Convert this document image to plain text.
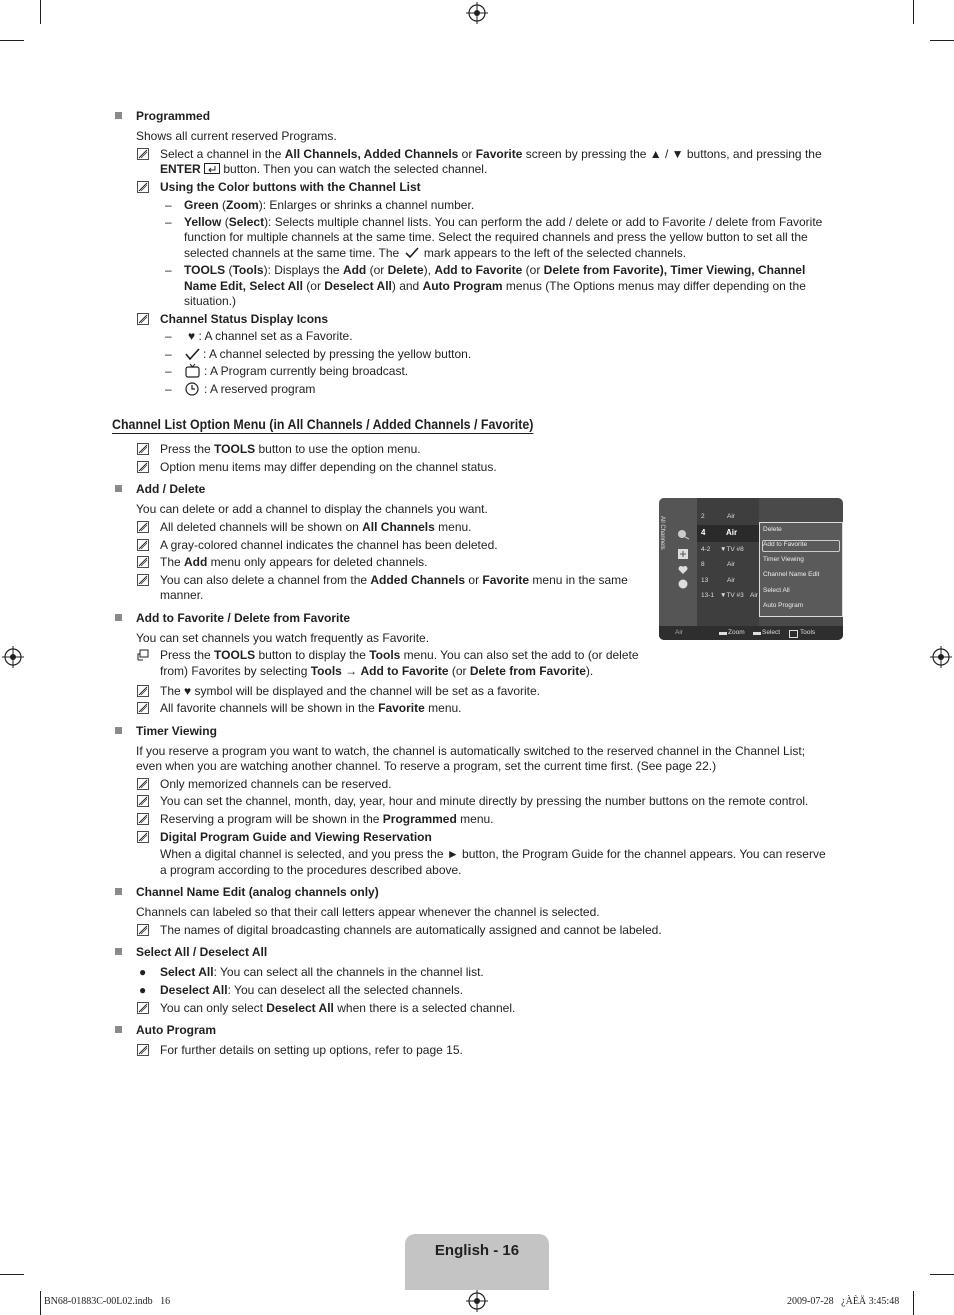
Programmed
Shows all current reserved Programs.
Select a channel in the All Channels, Added Channels or Favorite screen by pressing the ▲ / ▼ buttons, and pressing the
ENTER  button. Then you can watch the selected channel.
Using the Color buttons with the Channel List
– Green (Zoom): Enlarges or shrinks a channel number.
– Yellow (Select): Selects multiple channel lists. You can perform the add / delete or add to Favorite / delete from Favorite
function for multiple channels at the same time. Select the required channels and press the yellow button to set all the
selected channels at the same time. The  mark appears to the left of the selected channels.
– TOOLS (Tools): Displays the Add (or Delete), Add to Favorite (or Delete from Favorite), Timer Viewing, Channel
Name Edit, Select All (or Deselect All) and Auto Program menus (The Options menus may differ depending on the
situation.)
Channel Status Display Icons
– ♥ : A channel set as a Favorite.
–	: A channel selected by pressing the yellow button.
–	: A Program currently being broadcast.
–	: A reserved program
Channel List Option Menu (in All Channels / Added Channels / Favorite)
Press the TOOLS button to use the option menu.
Option menu items may differ depending on the channel status.
Add / Delete
You can delete or add a channel to display the channels you want.
All deleted channels will be shown on All Channels menu.
A gray-colored channel indicates the channel has been deleted.
The Add menu only appears for deleted channels.
You can also delete a channel from the Added Channels or Favorite menu in the same
manner.
All Channels	2	Air
4	Air
4-2 ▼TV #8
8	Air
13	Air
13-1 ▼TV #3 Air
Delete
Add to Favorite
Timer Viewing
Channel Name Edit
Select All
Auto Program
Air	Zoom	Select	Tools
Add to Favorite / Delete from Favorite
You can set channels you watch frequently as Favorite.
Press the TOOLS button to display the Tools menu. You can also set the add to (or delete
from) Favorites by selecting Tools → Add to Favorite (or Delete from Favorite).
The ♥ symbol will be displayed and the channel will be set as a favorite.
All favorite channels will be shown in the Favorite menu.
Timer Viewing
If you reserve a program you want to watch, the channel is automatically switched to the reserved channel in the Channel List;
even when you are watching another channel. To reserve a program, set the current time first. (See page 22.)
Only memorized channels can be reserved.
You can set the channel, month, day, year, hour and minute directly by pressing the number buttons on the remote control.
Reserving a program will be shown in the Programmed menu.
Digital Program Guide and Viewing Reservation
When a digital channel is selected, and you press the ► button, the Program Guide for the channel appears. You can reserve
a program according to the procedures described above.
Channel Name Edit (analog channels only)
Channels can labeled so that their call letters appear whenever the channel is selected.
The names of digital broadcasting channels are automatically assigned and cannot be labeled.
Select All / Deselect All
● Select All: You can select all the channels in the channel list.
● Deselect All: You can deselect all the selected channels.
You can only select Deselect All when there is a selected channel.
Auto Program
For further details on setting up options, refer to page 15.
English - 16
BN68-01883C-00L02.indb   16	2009-07-28   ¿ÀÈÄ 3:45:48
